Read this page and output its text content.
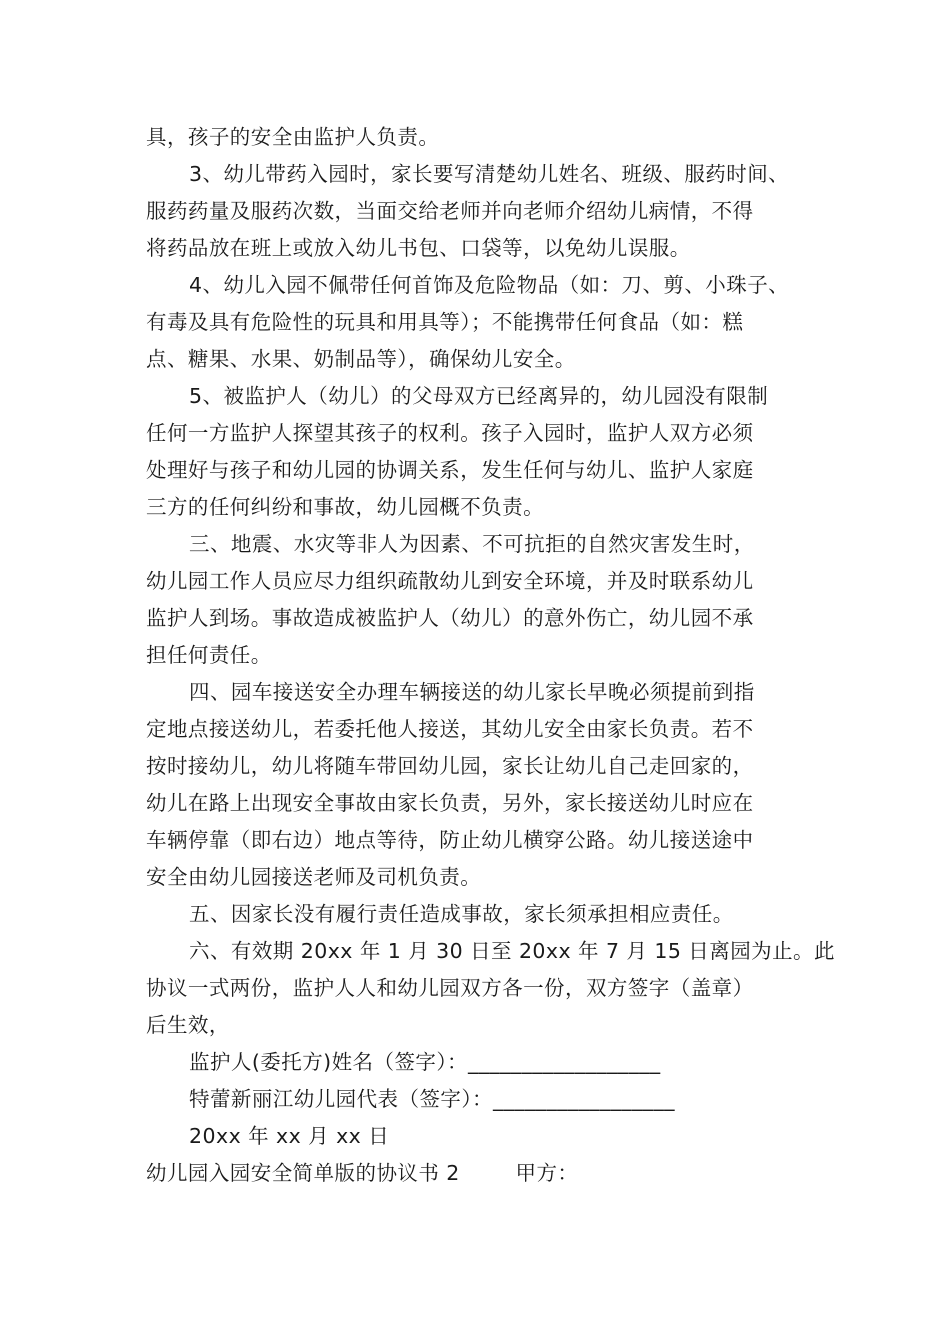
具，孩子的安全由监护人负责。
3、幼儿带药入园时，家长要写清楚幼儿姓名、班级、服药时间、
服药药量及服药次数，当面交给老师并向老师介绍幼儿病情，不得
将药品放在班上或放入幼儿书包、口袋等，以免幼儿误服。
4、幼儿入园不佩带任何首饰及危险物品（如：刀、剪、小珠子、
有毒及具有危险性的玩具和用具等）；不能携带任何食品（如：糕
点、糖果、水果、奶制品等），确保幼儿安全。
5、被监护人（幼儿）的父母双方已经离异的，幼儿园没有限制
任何一方监护人探望其孩子的权利。孩子入园时，监护人双方必须
处理好与孩子和幼儿园的协调关系，发生任何与幼儿、监护人家庭
三方的任何纠纷和事故，幼儿园概不负责。
三、地震、水灾等非人为因素、不可抗拒的自然灾害发生时，
幼儿园工作人员应尽力组织疏散幼儿到安全环境，并及时联系幼儿
监护人到场。事故造成被监护人（幼儿）的意外伤亡，幼儿园不承
担任何责任。
四、园车接送安全办理车辆接送的幼儿家长早晚必须提前到指
定地点接送幼儿，若委托他人接送，其幼儿安全由家长负责。若不
按时接幼儿，幼儿将随车带回幼儿园，家长让幼儿自己走回家的，
幼儿在路上出现安全事故由家长负责，另外，家长接送幼儿时应在
车辆停靠（即右边）地点等待，防止幼儿横穿公路。幼儿接送途中
安全由幼儿园接送老师及司机负责。
五、因家长没有履行责任造成事故，家长须承担相应责任。
六、有效期 20xx 年 1 月 30 日至 20xx 年 7 月 15 日离园为止。此
协议一式两份，监护人人和幼儿园双方各一份，双方签字（盖章）
后生效，
监护人(委托方)姓名（签字）：__________________
特蕾新丽江幼儿园代表（签字）：_________________
20xx 年 xx 月 xx 日
幼儿园入园安全简单版的协议书 2        甲方：
